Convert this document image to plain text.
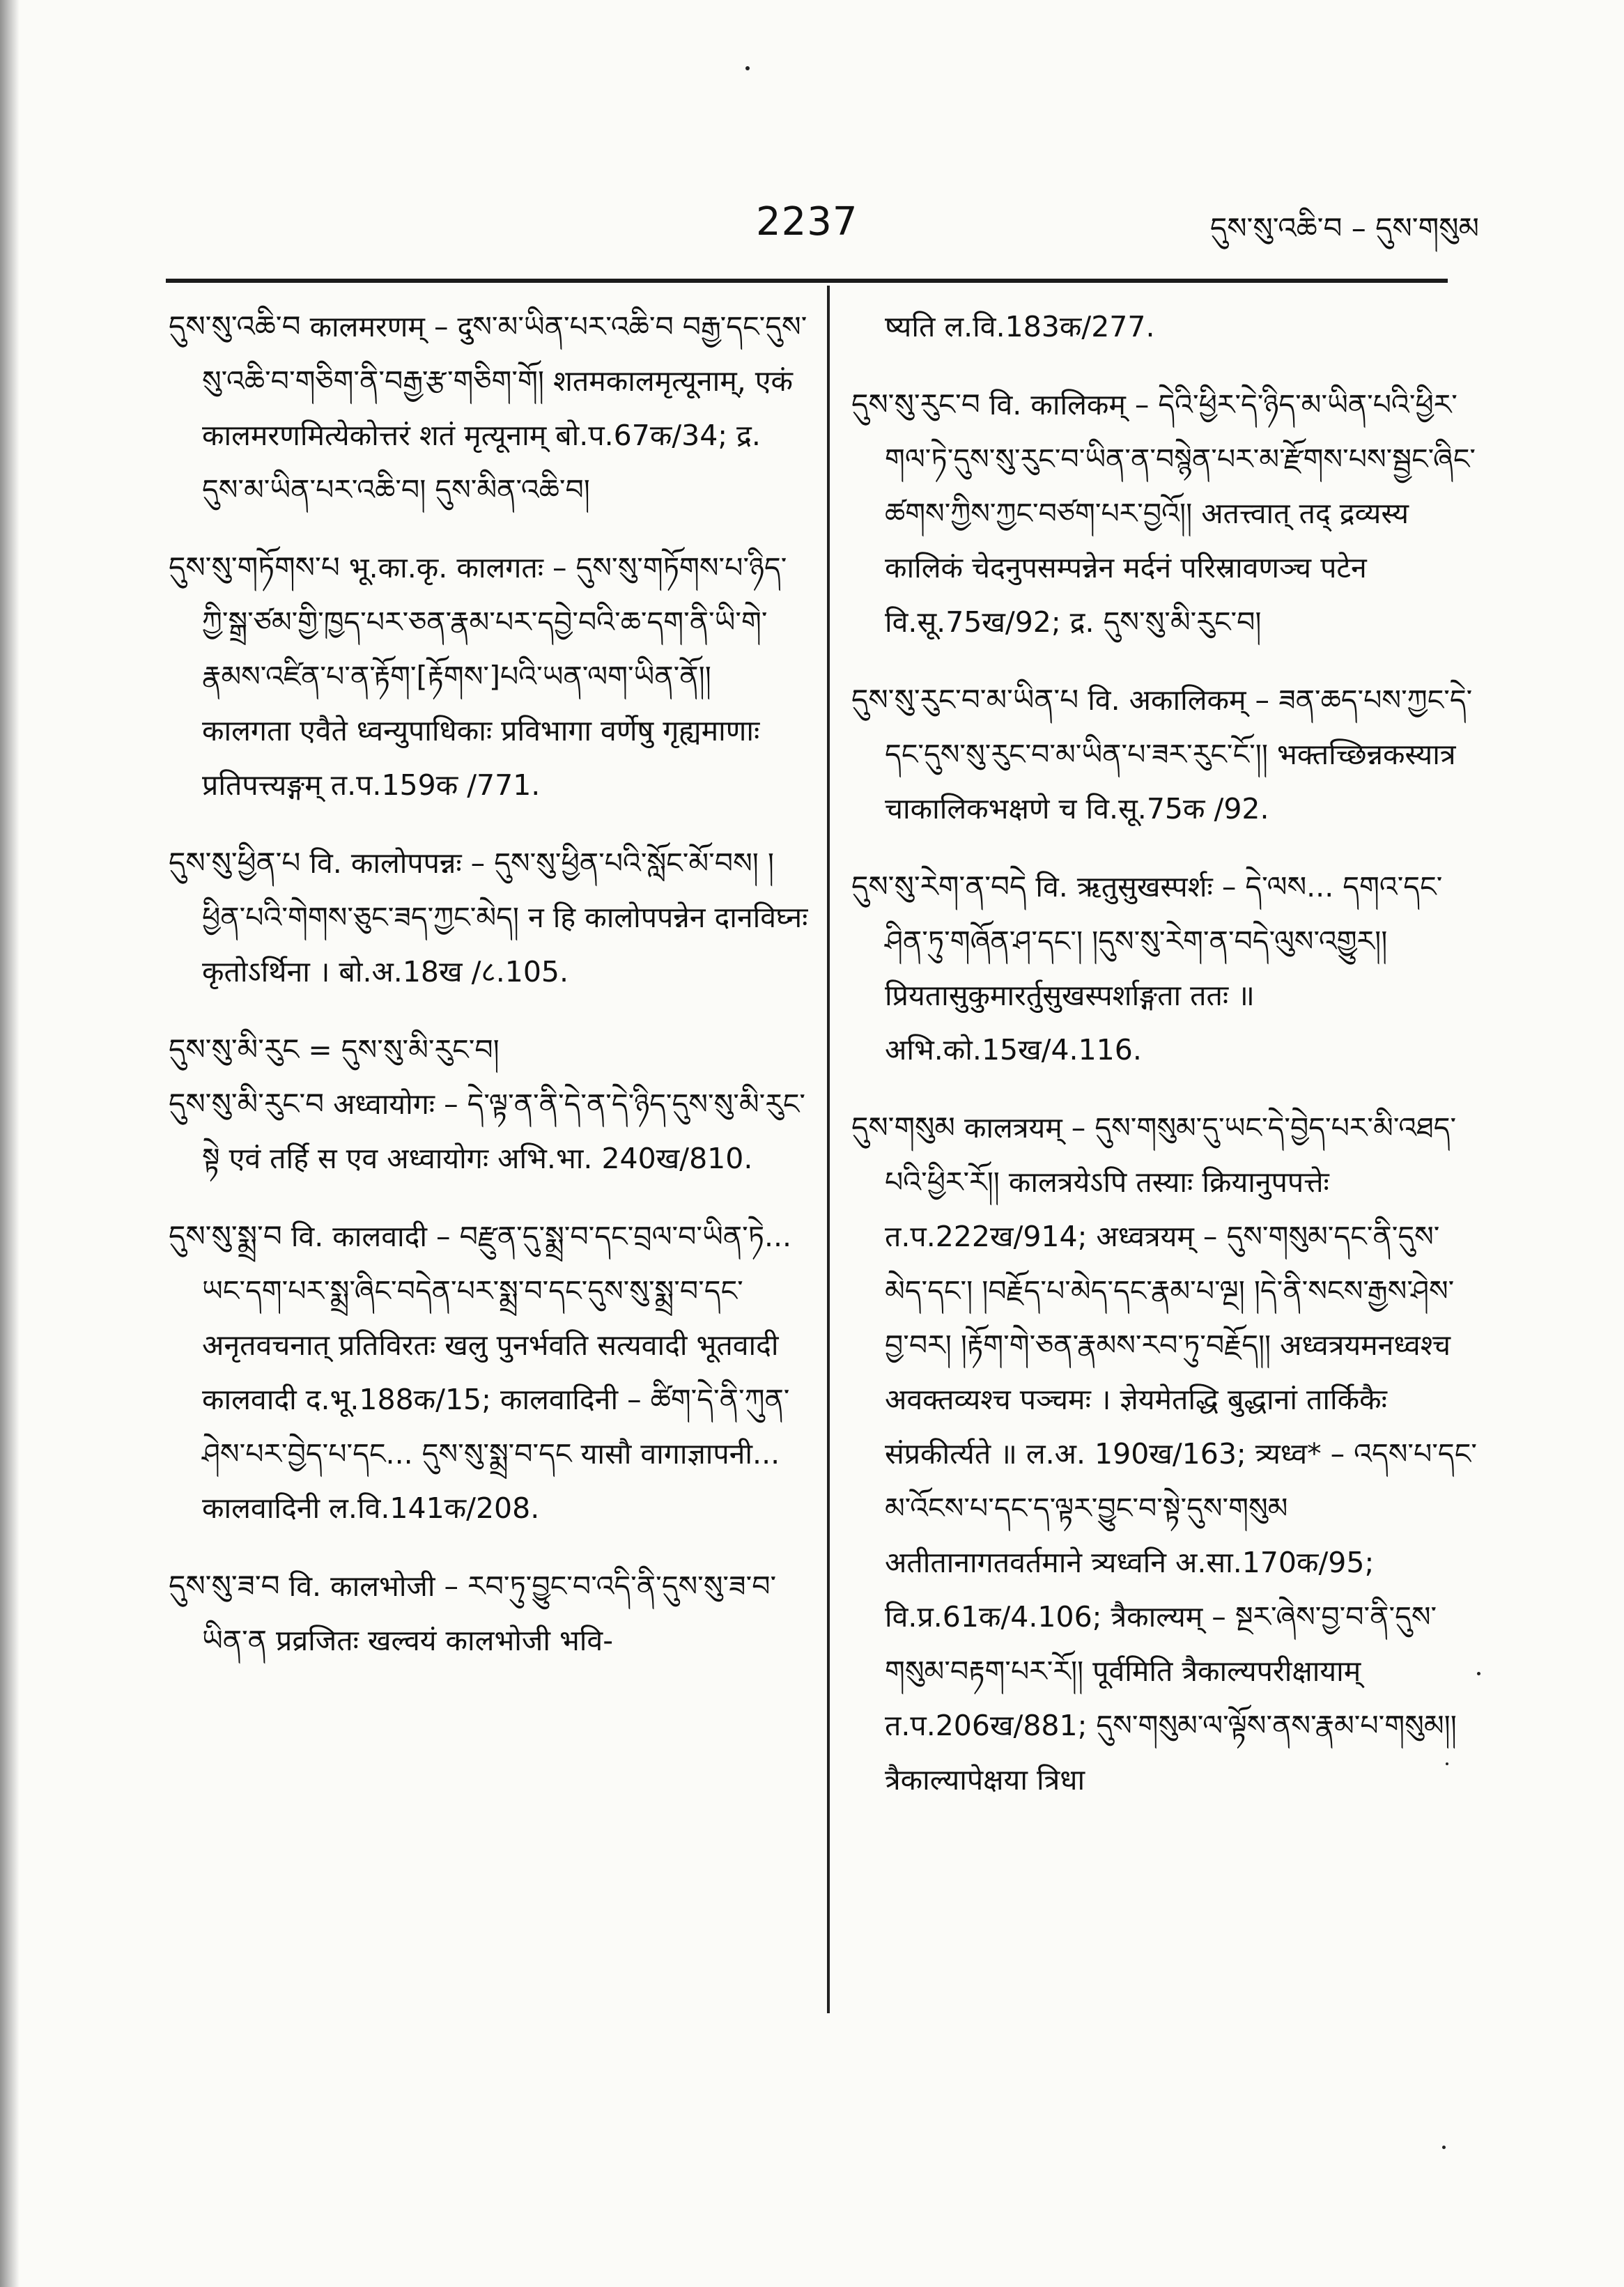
2237	དུས་སུ་འཆི་བ – དུས་གསུམ

དུས་སུ་འཆི་བ कालमरणम् – दुས་མ་ཡིན་པར་འཆི་བ བརྒྱ་དང་དུས་སུ་འཆི་བ་གཅིག་ནི་བརྒྱ་རྩ་གཅིག་གོ། शतमकालमृत्यूनाम्, एकं कालमरणमित्येकोत्तरं शतं मृत्यूनाम् बो.प.67क/34; द्र. དུས་མ་ཡིན་པར་འཆི་བ། དུས་མིན་འཆི་བ།

དུས་སུ་གཏོགས་པ भू.का.कृ. कालगतः – དུས་སུ་གཏོགས་པ་ཉིད་ཀྱི་སྒྲ་ཙམ་གྱི་ཁྱད་པར་ཅན་རྣམ་པར་དབྱེ་བའི་ཆ་དག་ནི་ཡི་གེ་རྣམས་འཛིན་པ་ན་རྟོག་[རྟོགས་]པའི་ཡན་ལག་ཡིན་ནོ།། कालगता एवैते ध्वन्युपाधिकाः प्रविभागा वर्णेषु गृह्यमाणाः प्रतिपत्त्यङ्गम् त.प.159क /771.

དུས་སུ་ཕྱིན་པ वि. कालोपपन्नः – དུས་སུ་ཕྱིན་པའི་སློང་མོ་བས། །ཕྱིན་པའི་གེགས་ཅུང་ཟད་ཀྱང་མེད། न हि कालोपपन्नेन दानविघ्नः कृतोऽर्थिना । बो.अ.18ख /८.105.

དུས་སུ་མི་རུང = དུས་སུ་མི་རུང་བ།

དུས་སུ་མི་རུང་བ अध्वायोगः – དེ་ལྟ་ན་ནི་དེ་ན་དེ་ཉིད་དུས་སུ་མི་རུང་སྟེ एवं तर्हि स एव अध्वायोगः अभि.भा. 240ख/810.

དུས་སུ་སྨྲ་བ वि. कालवादी – བརྫུན་དུ་སྨྲ་བ་དང་བྲལ་བ་ཡིན་ཏེ... ཡང་དག་པར་སྨྲ་ཞིང་བདེན་པར་སྨྲ་བ་དང་དུས་སུ་སྨྲ་བ་དང་ अनृतवचनात् प्रतिविरतः खलु पुनर्भवति सत्यवादी भूतवादी कालवादी द.भू.188क/15; कालवादिनी – ཚིག་དེ་ནི་ཀུན་ཤེས་པར་བྱེད་པ་དང... དུས་སུ་སྨྲ་བ་དང यासौ वागाज्ञापनी... कालवादिनी ल.वि.141क/208.

དུས་སུ་ཟ་བ वि. कालभोजी – རབ་ཏུ་བྱུང་བ་འདི་ནི་དུས་སུ་ཟ་བ་ཡིན་ན प्रव्रजितः खल्वयं कालभोजी भवि-

ष्यति ल.वि.183क/277.

དུས་སུ་རུང་བ वि. कालिकम् – དེའི་ཕྱིར་དེ་ཉིད་མ་ཡིན་པའི་ཕྱིར་གལ་ཏེ་དུས་སུ་རུང་བ་ཡིན་ན་བསྙེན་པར་མ་རྫོགས་པས་སྦྱང་ཞིང་ཚགས་ཀྱིས་ཀྱང་བཙག་པར་བྱའོ།། अतत्त्वात् तद् द्रव्यस्य कालिकं चेदनुपसम्पन्नेन मर्दनं परिस्रावणञ्च पटेन वि.सू.75ख/92; द्र. དུས་སུ་མི་རུང་བ།

དུས་སུ་རུང་བ་མ་ཡིན་པ वि. अकालिकम् – ཟན་ཆད་པས་ཀྱང་དེ་དང་དུས་སུ་རུང་བ་མ་ཡིན་པ་ཟར་རུང་ངོ་།། भक्तच्छिन्नकस्यात्र चाकालिकभक्षणे च वि.सू.75क /92.

དུས་སུ་རེག་ན་བདེ वि. ऋतुसुखस्पर्शः – དེ་ལས... དགའ་དང་ཤིན་ཏུ་གཞོན་ཤ་དང་། །དུས་སུ་རེག་ན་བདེ་ལུས་འགྱུར།། प्रियतासुकुमारर्तुसुखस्पर्शाङ्गता ततः ॥ अभि.को.15ख/4.116.

དུས་གསུམ कालत्रयम् – དུས་གསུམ་དུ་ཡང་དེ་བྱེད་པར་མི་འཐད་པའི་ཕྱིར་རོ།། कालत्रयेऽपि तस्याः क्रियानुपपत्तेः त.प.222ख/914; अध्वत्रयम् – དུས་གསུམ་དང་ནི་དུས་མེད་དང་། །བརྗོད་པ་མེད་དང་རྣམ་པ་ལྔ། །དེ་ནི་སངས་རྒྱས་ཤེས་བྱ་བར། །རྟོག་གེ་ཅན་རྣམས་རབ་ཏུ་བརྗོད།། अध्वत्रयमनध्वश्च अवक्तव्यश्च पञ्चमः । ज्ञेयमेतद्धि बुद्धानां तार्किकैः संप्रकीर्त्यते ॥ ल.अ. 190ख/163; त्र्यध्व* – འདས་པ་དང་མ་འོངས་པ་དང་ད་ལྟར་བྱུང་བ་སྟེ་དུས་གསུམ अतीतानागतवर्तमाने त्र्यध्वनि अ.सा.170क/95; वि.प्र.61क/4.106; त्रैकाल्यम् – སྔར་ཞེས་བྱ་བ་ནི་དུས་གསུམ་བརྟག་པར་རོ།། पूर्वमिति त्रैकाल्यपरीक्षायाम् त.प.206ख/881; དུས་གསུམ་ལ་ལྟོས་ནས་རྣམ་པ་གསུམ།། त्रैकाल्यापेक्षया त्रिधा
